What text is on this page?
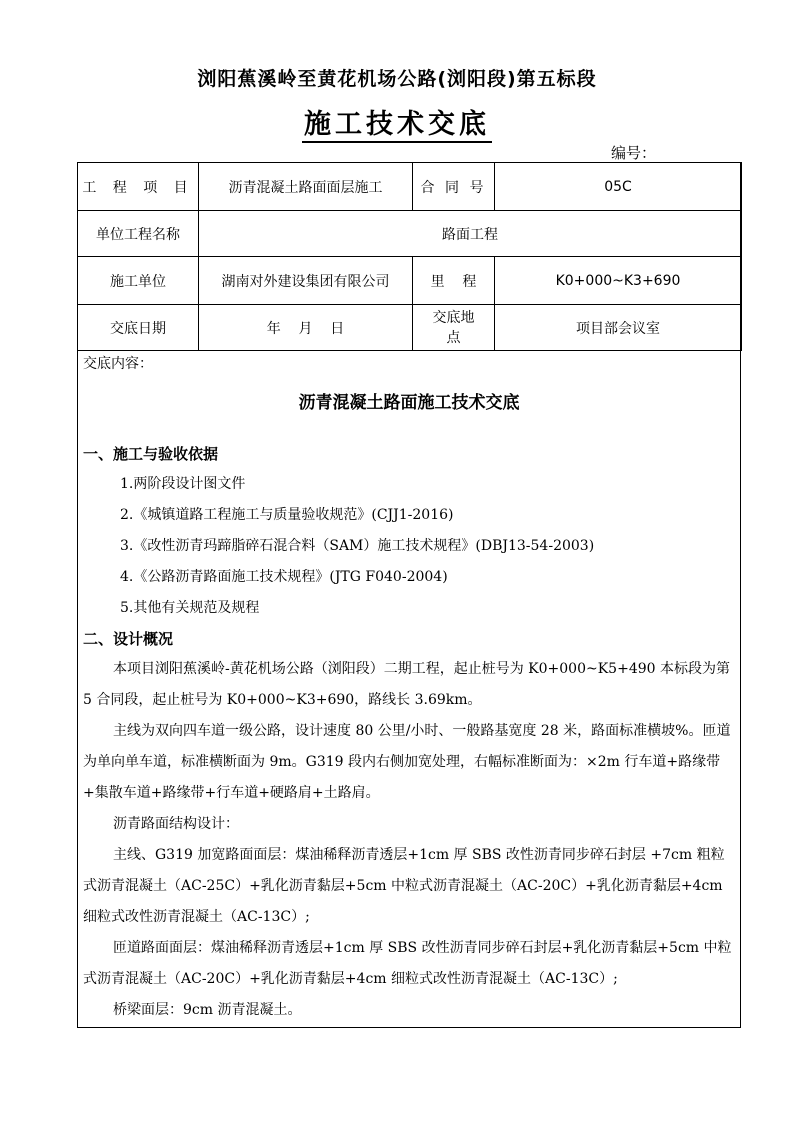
浏阳蕉溪岭至黄花机场公路(浏阳段)第五标段
施工技术交底
编号：
工 程 项 目	沥青混凝土路面面层施工	合 同 号	05C
单位工程名称	路面工程		
施工单位	湖南对外建设集团有限公司	里    程	K0+000~K3+690
交底日期	年    月    日	交底地点	项目部会议室

交底内容：

沥青混凝土路面施工技术交底

一、施工与验收依据

1.两阶段设计图文件

2.《城镇道路工程施工与质量验收规范》(CJJ1-2016)

3.《改性沥青玛蹄脂碎石混合料（SAM）施工技术规程》(DBJ13-54-2003)

4.《公路沥青路面施工技术规程》(JTG F040-2004)

5.其他有关规范及规程

二、设计概况

本项目浏阳蕉溪岭-黄花机场公路（浏阳段）二期工程，起止桩号为 K0+000~K5+490 本标段为第 5 合同段，起止桩号为 K0+000~K3+690，路线长 3.69km。

主线为双向四车道一级公路，设计速度 80 公里/小时、一般路基宽度 28 米，路面标准横坡%。匝道为单向单车道，标准横断面为 9m。G319 段内右侧加宽处理，右幅标准断面为：×2m 行车道+路缘带+集散车道+路缘带+行车道+硬路肩+土路肩。

沥青路面结构设计：

主线、G319 加宽路面面层：煤油稀释沥青透层+1cm 厚 SBS 改性沥青同步碎石封层 +7cm 粗粒式沥青混凝土（AC-25C）+乳化沥青黏层+5cm 中粒式沥青混凝土（AC-20C）+乳化沥青黏层+4cm 细粒式改性沥青混凝土（AC-13C）;

匝道路面面层：煤油稀释沥青透层+1cm 厚 SBS 改性沥青同步碎石封层+乳化沥青黏层+5cm 中粒式沥青混凝土（AC-20C）+乳化沥青黏层+4cm 细粒式改性沥青混凝土（AC-13C）;

桥梁面层：9cm 沥青混凝土。
